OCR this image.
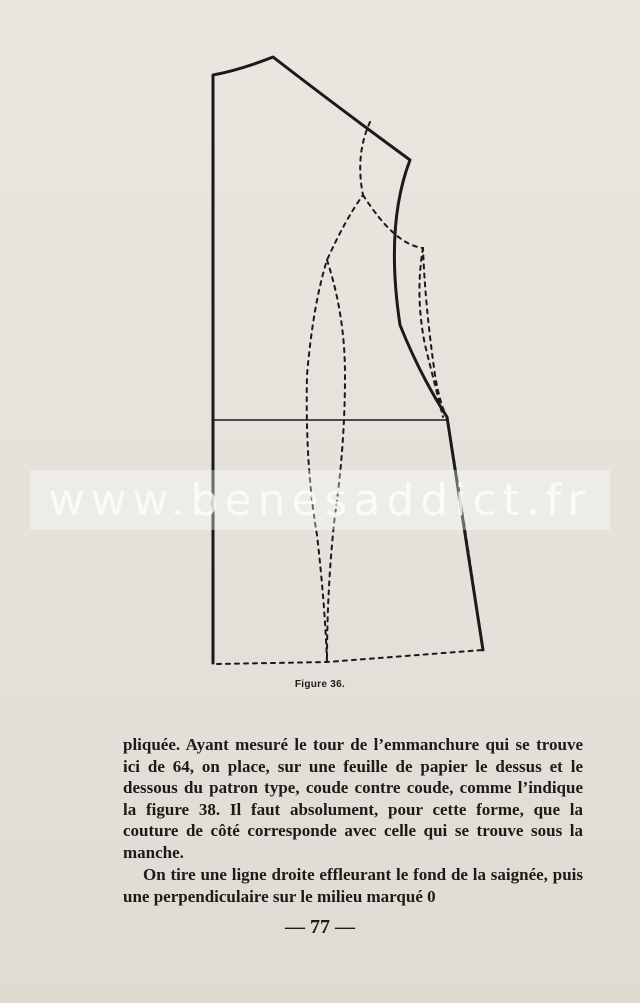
Figure 36.
www.benesaddict.fr

pliquée. Ayant mesuré le tour de l’emmanchure qui se trouve ici de 64, on place, sur une feuille de papier le dessus et le dessous du patron type, coude contre coude, comme l’indique la figure 38. Il faut absolument, pour cette forme, que la couture de côté corresponde avec celle qui se trouve sous la manche.

On tire une ligne droite effleurant le fond de la saignée, puis une perpendiculaire sur le milieu marqué 0

— 77 —
